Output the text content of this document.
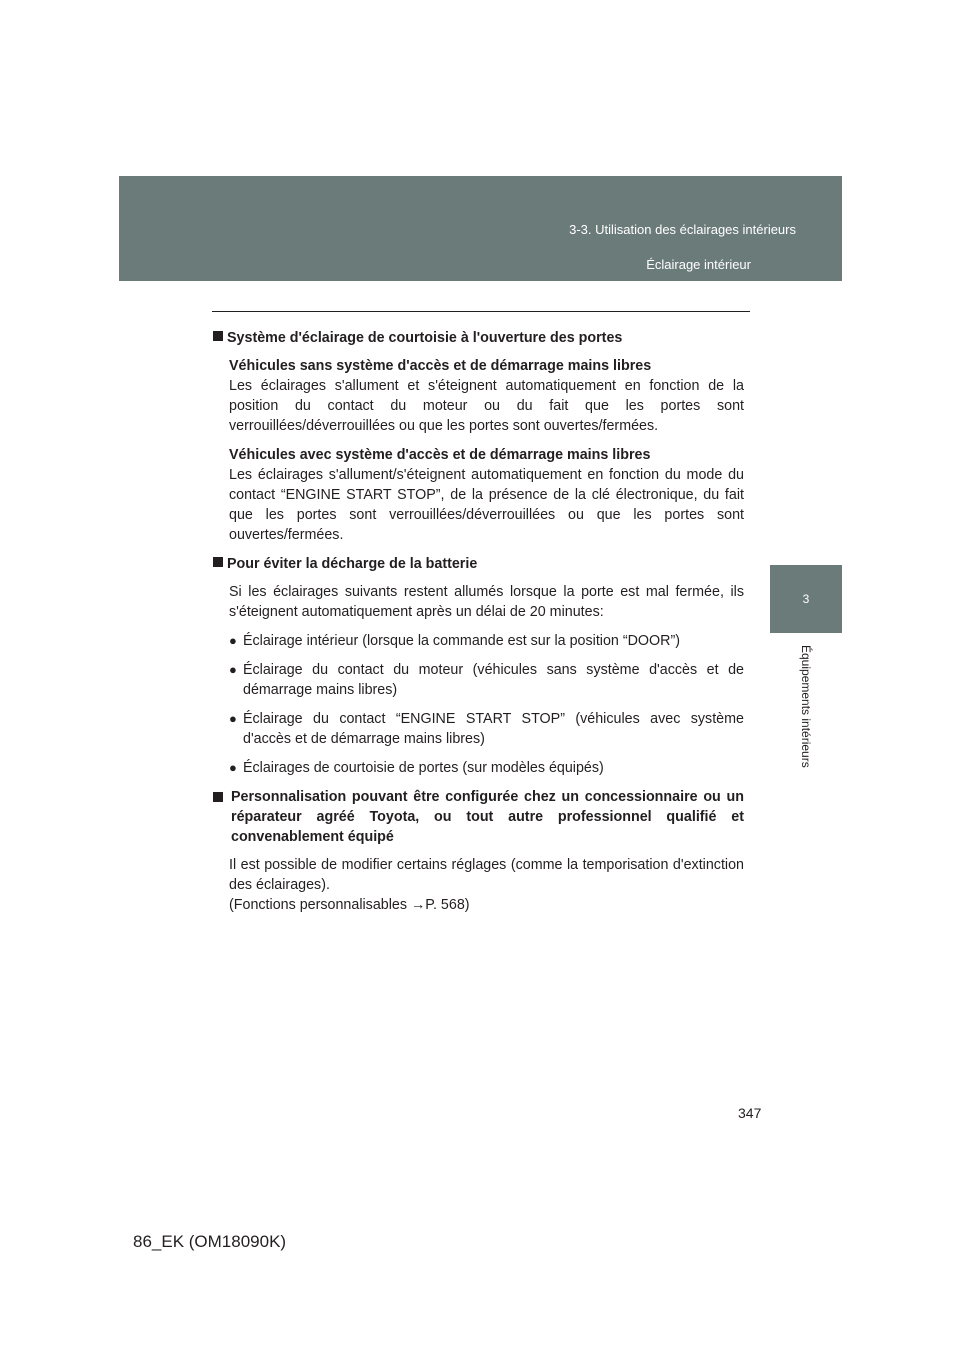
3-3. Utilisation des éclairages intérieurs
Éclairage intérieur
3
Équipements intérieurs
Système d'éclairage de courtoisie à l'ouverture des portes
Véhicules sans système d'accès et de démarrage mains libres
Les éclairages s'allument et s'éteignent automatiquement en fonction de la position du contact du moteur ou du fait que les portes sont verrouillées/déverrouillées ou que les portes sont ouvertes/fermées.
Véhicules avec système d'accès et de démarrage mains libres
Les éclairages s'allument/s'éteignent automatiquement en fonction du mode du contact “ENGINE START STOP”, de la présence de la clé électronique, du fait que les portes sont verrouillées/déverrouillées ou que les portes sont ouvertes/fermées.
Pour éviter la décharge de la batterie
Si les éclairages suivants restent allumés lorsque la porte est mal fermée, ils s'éteignent automatiquement après un délai de 20 minutes:
● Éclairage intérieur (lorsque la commande est sur la position “DOOR”)
● Éclairage du contact du moteur (véhicules sans système d'accès et de démarrage mains libres)
● Éclairage du contact “ENGINE START STOP” (véhicules avec système d'accès et de démarrage mains libres)
● Éclairages de courtoisie de portes (sur modèles équipés)
Personnalisation pouvant être configurée chez un concessionnaire ou un réparateur agréé Toyota, ou tout autre professionnel qualifié et convenablement équipé
Il est possible de modifier certains réglages (comme la temporisation d'extinction des éclairages).
(Fonctions personnalisables →P. 568)
347
86_EK (OM18090K)
